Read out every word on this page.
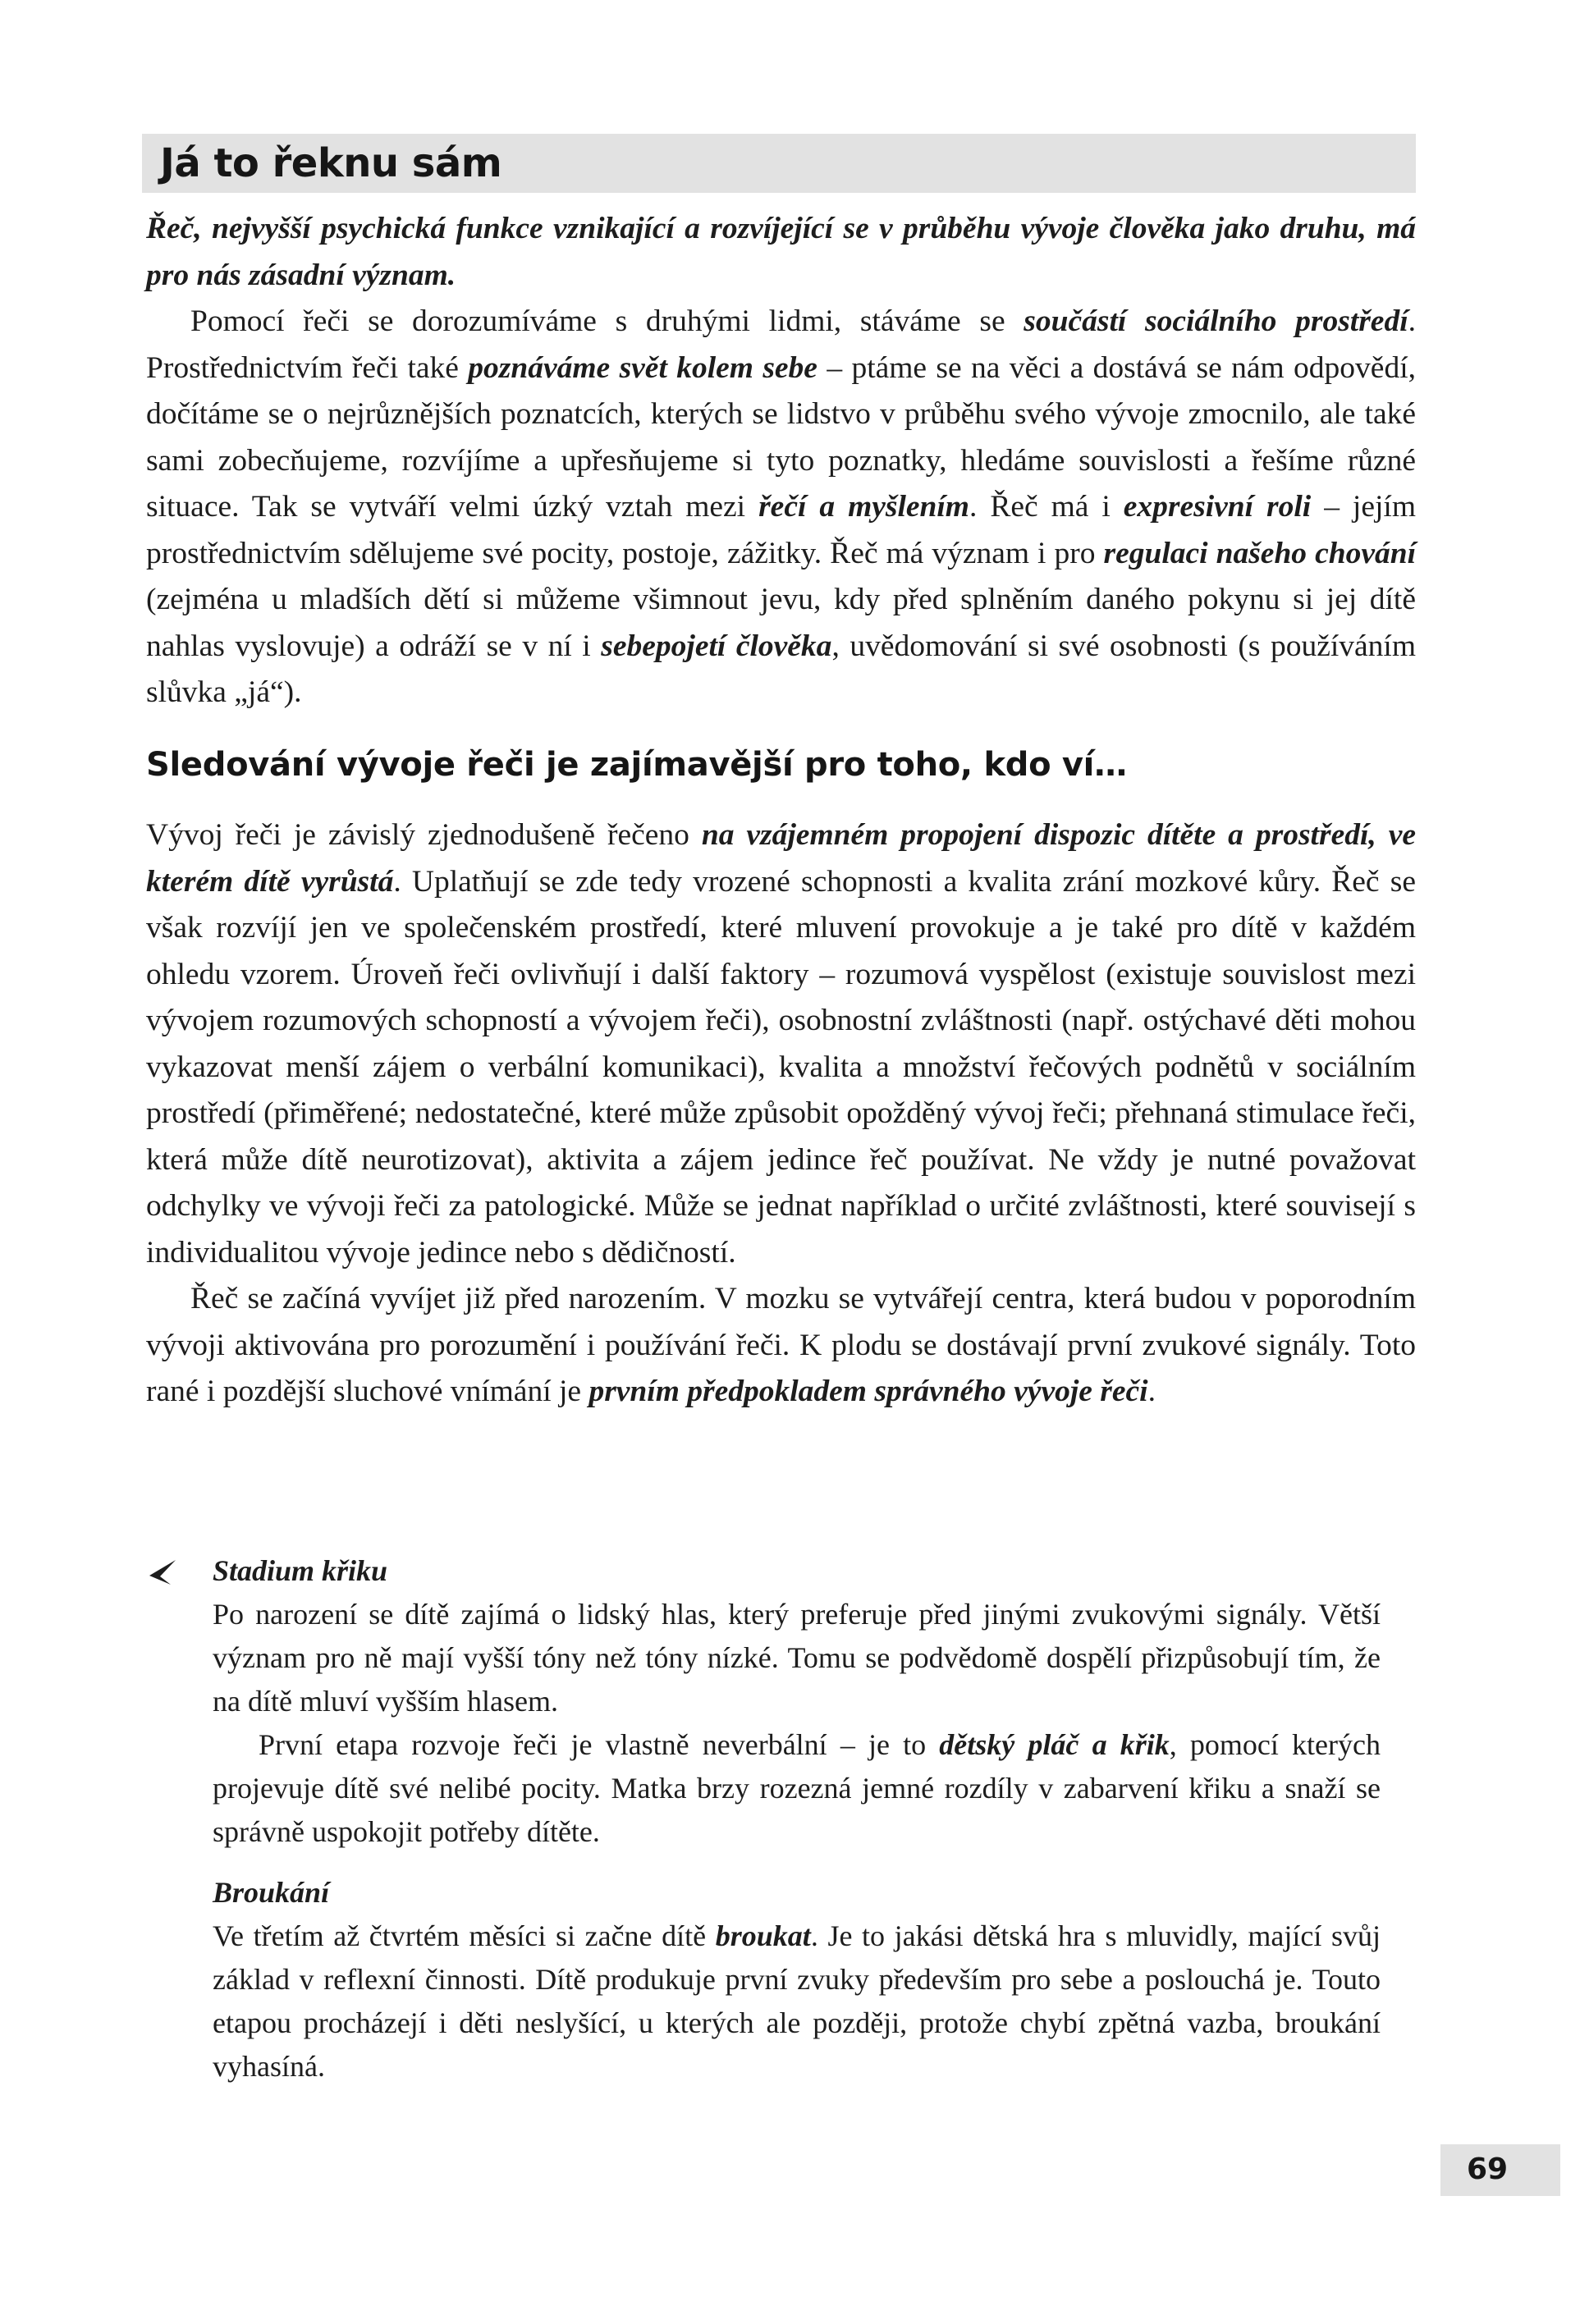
Já to řeknu sám

Řeč, nejvyšší psychická funkce vznikající a rozvíjející se v průběhu vývoje člověka jako druhu, má pro nás zásadní význam.

Pomocí řeči se dorozumíváme s druhými lidmi, stáváme se součástí sociálního prostředí. Prostřednictvím řeči také poznáváme svět kolem sebe – ptáme se na věci a dostává se nám odpovědí, dočítáme se o nejrůznějších poznatcích, kterých se lidstvo v průběhu svého vývoje zmocnilo, ale také sami zobecňujeme, rozvíjíme a upřesňujeme si tyto poznatky, hledáme souvislosti a řešíme různé situace. Tak se vytváří velmi úzký vztah mezi řečí a myšlením. Řeč má i expresivní roli – jejím prostřednictvím sdělujeme své pocity, postoje, zážitky. Řeč má význam i pro regulaci našeho chování (zejména u mladších dětí si můžeme všimnout jevu, kdy před splněním daného pokynu si jej dítě nahlas vyslovuje) a odráží se v ní i sebepojetí člověka, uvědomování si své osobnosti (s používáním slůvka „já“).

Sledování vývoje řeči je zajímavější pro toho, kdo ví…

Vývoj řeči je závislý zjednodušeně řečeno na vzájemném propojení dispozic dítěte a prostředí, ve kterém dítě vyrůstá. Uplatňují se zde tedy vrozené schopnosti a kvalita zrání mozkové kůry. Řeč se však rozvíjí jen ve společenském prostředí, které mluvení provokuje a je také pro dítě v každém ohledu vzorem. Úroveň řeči ovlivňují i další faktory – rozumová vyspělost (existuje souvislost mezi vývojem rozumových schopností a vývojem řeči), osobnostní zvláštnosti (např. ostýchavé děti mohou vykazovat menší zájem o verbální komunikaci), kvalita a množství řečových podnětů v sociálním prostředí (přiměřené; nedostatečné, které může způsobit opožděný vývoj řeči; přehnaná stimulace řeči, která může dítě neurotizovat), aktivita a zájem jedince řeč používat. Ne vždy je nutné považovat odchylky ve vývoji řeči za patologické. Může se jednat například o určité zvláštnosti, které souvisejí s individualitou vývoje jedince nebo s dědičností.

Řeč se začíná vyvíjet již před narozením. V mozku se vytvářejí centra, která budou v poporodním vývoji aktivována pro porozumění i používání řeči. K plodu se dostávají první zvukové signály. Toto rané i pozdější sluchové vnímání je prvním předpokladem správného vývoje řeči.

Stadium křiku

Po narození se dítě zajímá o lidský hlas, který preferuje před jinými zvukovými signály. Větší význam pro ně mají vyšší tóny než tóny nízké. Tomu se podvědomě dospělí přizpůsobují tím, že na dítě mluví vyšším hlasem.

První etapa rozvoje řeči je vlastně neverbální – je to dětský pláč a křik, pomocí kterých projevuje dítě své nelibé pocity. Matka brzy rozezná jemné rozdíly v zabarvení křiku a snaží se správně uspokojit potřeby dítěte.

Broukání

Ve třetím až čtvrtém měsíci si začne dítě broukat. Je to jakási dětská hra s mluvidly, mající svůj základ v reflexní činnosti. Dítě produkuje první zvuky především pro sebe a poslouchá je. Touto etapou procházejí i děti neslyšící, u kterých ale později, protože chybí zpětná vazba, broukání vyhasíná.

69
